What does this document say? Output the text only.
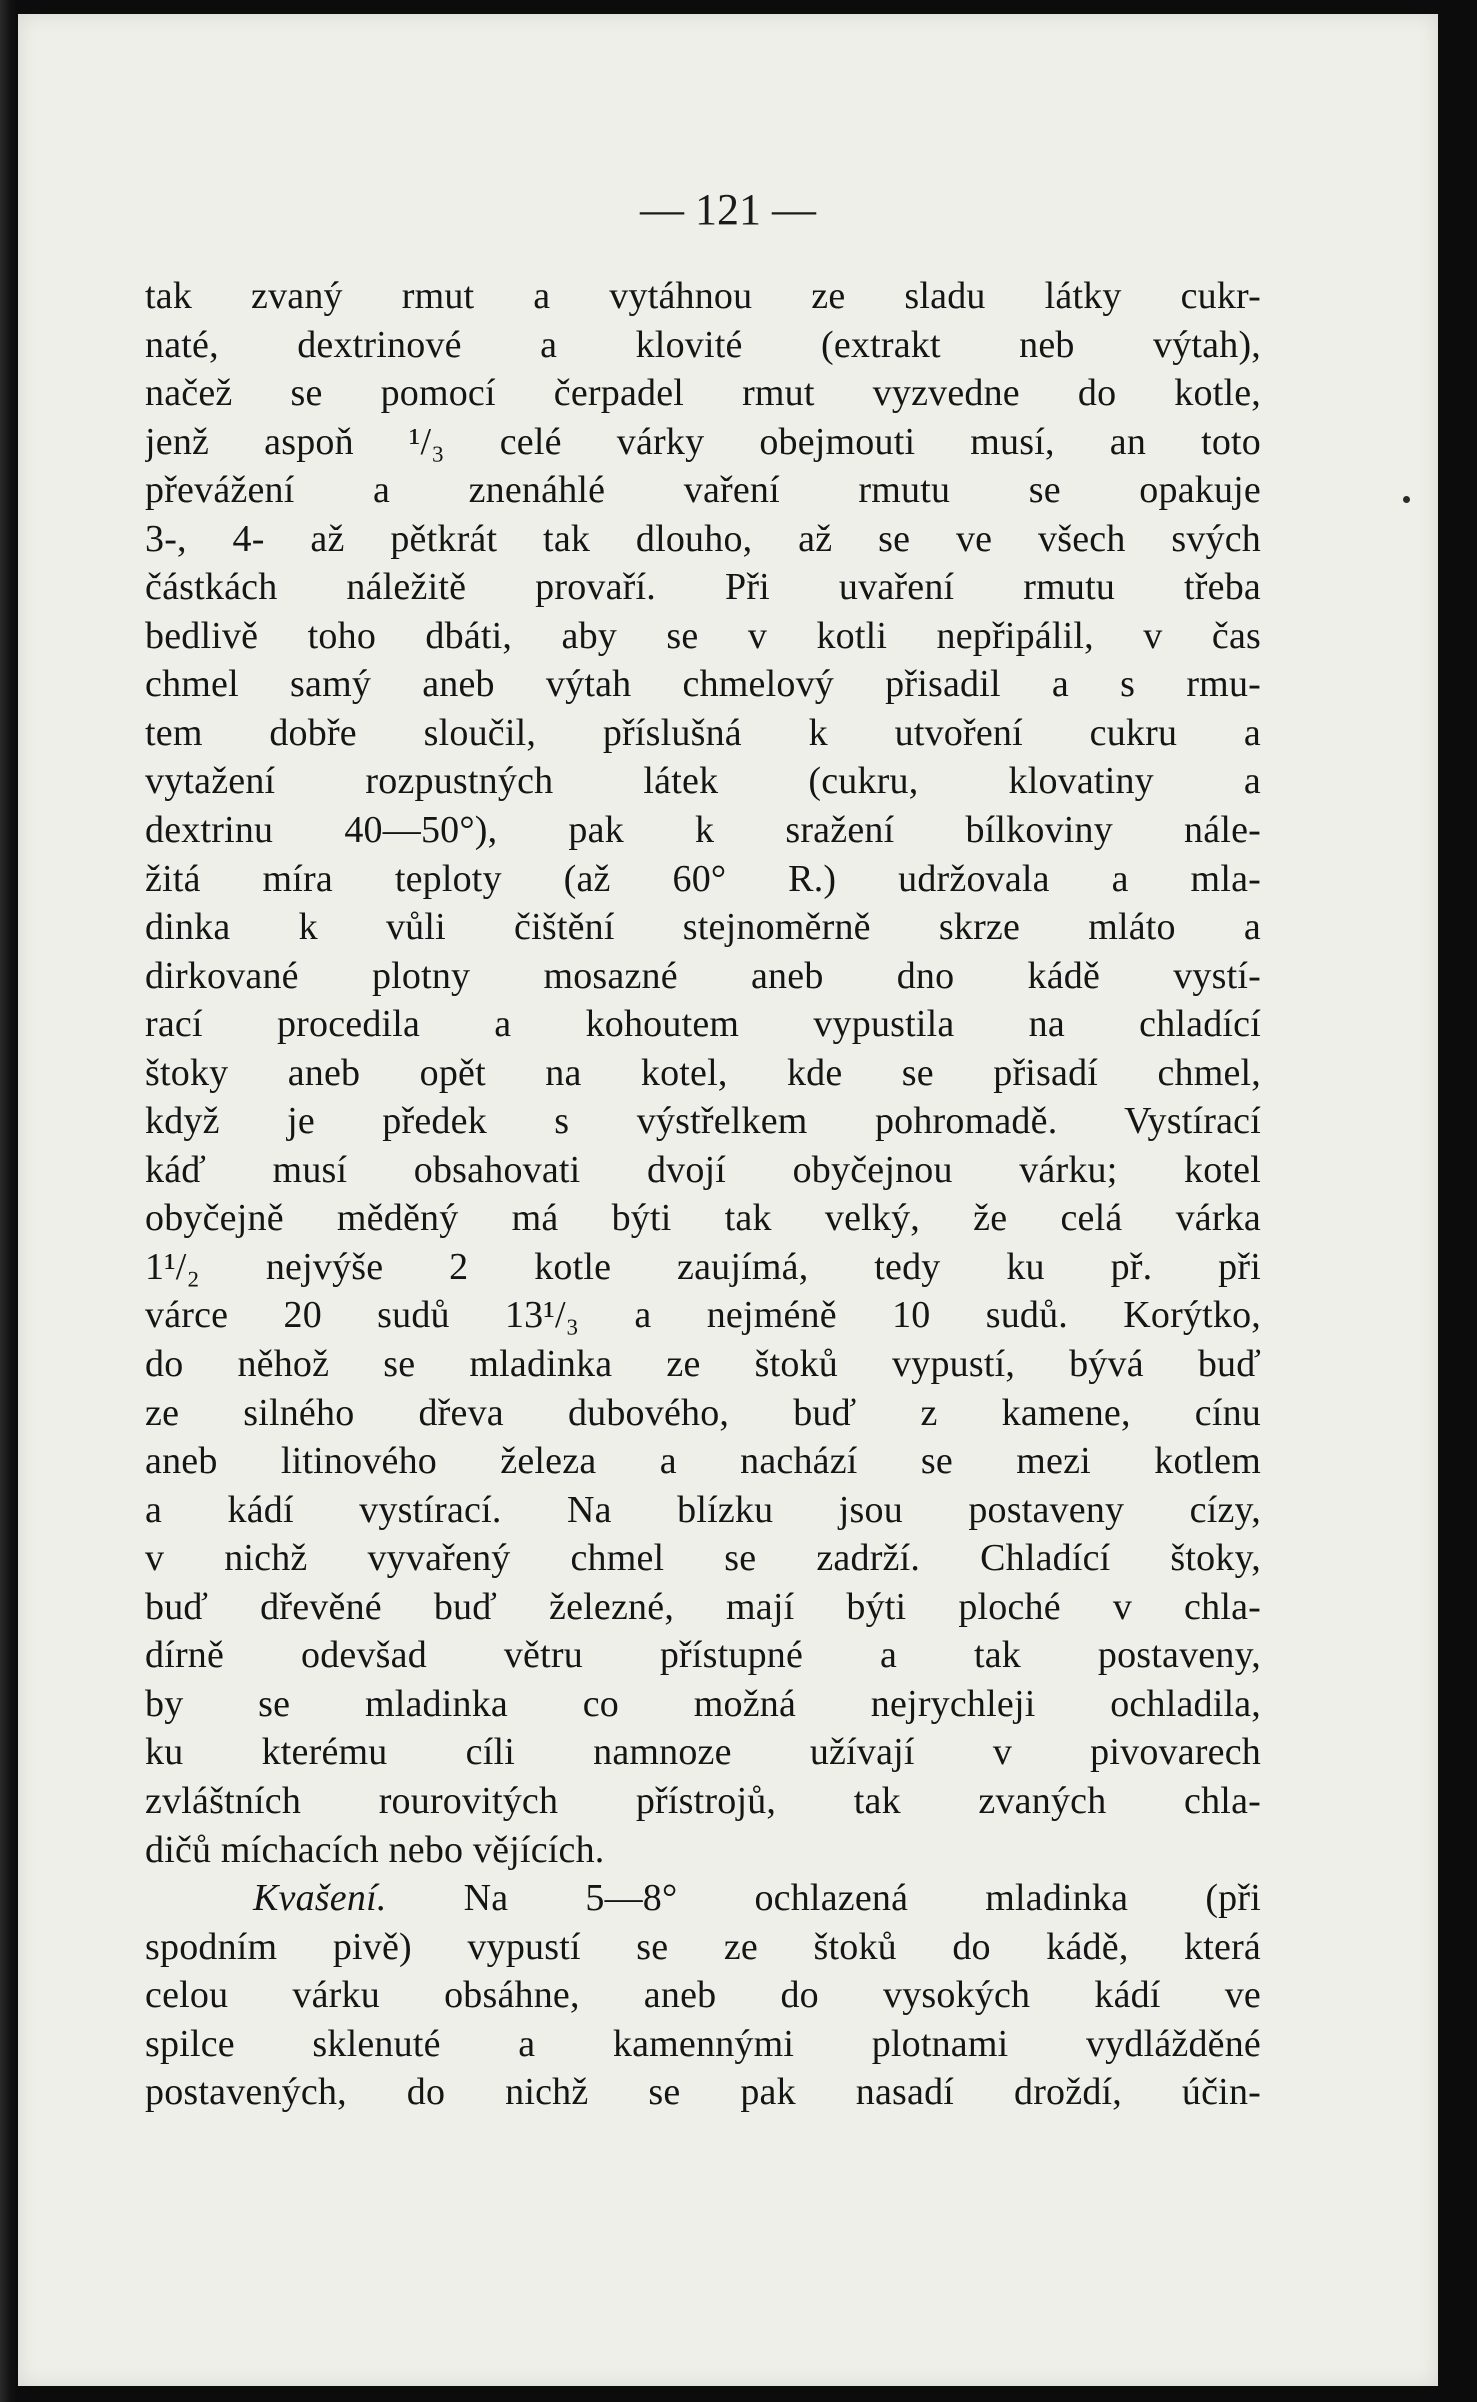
— 121 —
tak zvaný rmut a vytáhnou ze sladu látky cukr-
naté, dextrinové a klovité (extrakt neb výtah),
načež se pomocí čerpadel rmut vyzvedne do kotle,
jenž aspoň ¹/₃ celé várky obejmouti musí, an toto
převážení a znenáhlé vaření rmutu se opakuje
3-, 4- až pětkrát tak dlouho, až se ve všech svých
částkách náležitě provaří. Při uvaření rmutu třeba
bedlivě toho dbáti, aby se v kotli nepřipálil, v čas
chmel samý aneb výtah chmelový přisadil a s rmu-
tem dobře sloučil, příslušná k utvoření cukru a
vytažení rozpustných látek (cukru, klovatiny a
dextrinu 40—50°), pak k sražení bílkoviny nále-
žitá míra teploty (až 60° R.) udržovala a mla-
dinka k vůli čištění stejnoměrně skrze mláto a
dirkované plotny mosazné aneb dno kádě vystí-
rací procedila a kohoutem vypustila na chladící
štoky aneb opět na kotel, kde se přisadí chmel,
když je předek s výstřelkem pohromadě. Vystírací
káď musí obsahovati dvojí obyčejnou várku; kotel
obyčejně měděný má býti tak velký, že celá várka
1¹/₂ nejvýše 2 kotle zaujímá, tedy ku př. při
várce 20 sudů 13¹/₃ a nejméně 10 sudů. Korýtko,
do něhož se mladinka ze štoků vypustí, bývá buď
ze silného dřeva dubového, buď z kamene, cínu
aneb litinového železa a nachází se mezi kotlem
a kádí vystírací. Na blízku jsou postaveny cízy,
v nichž vyvařený chmel se zadrží. Chladící štoky,
buď dřevěné buď železné, mají býti ploché v chla-
dírně odevšad větru přístupné a tak postaveny,
by se mladinka co možná nejrychleji ochladila,
ku kterému cíli namnoze užívají v pivovarech
zvláštních rourovitých přístrojů, tak zvaných chla-
dičů míchacích nebo vějících.
Kvašení. Na 5—8° ochlazená mladinka (při
spodním pivě) vypustí se ze štoků do kádě, která
celou várku obsáhne, aneb do vysokých kádí ve
spilce sklenuté a kamennými plotnami vydlážděné
postavených, do nichž se pak nasadí droždí, účin-
